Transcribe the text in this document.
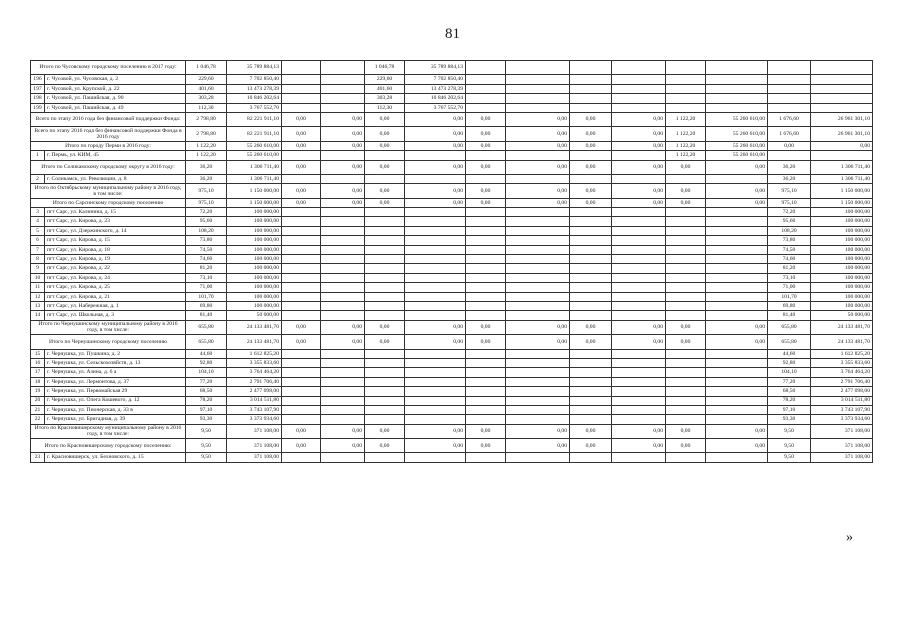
81
Итого по Чусовскому городскому поселению в 2017 году:		1 046,78	35 789 884,13			1 046,78	35 789 884,13								
196	г. Чусовой, ул. Чусовская, д. 2	229,60	7 702 850,40			229,60	7 702 850,40								
197	г. Чусовой, ул. Крупской, д. 22	401,60	13 473 278,39			401,60	13 473 278,39								
198	г. Чусовой, ул. Пашийская, д. 90	303,28	10 846 202,64			303,28	10 846 202,64								
199	г. Чусовой, ул. Пашийская, д. 49	112,30	3 767 552,70			112,30	3 767 552,70								
Всего по этапу 2016 года без финансовой поддержки Фонда:		2 798,80	82 221 911,10	0,00	0,00	0,00	0,00	0,00	0,00	0,00	0,00	1 122,20	55 260 610,00	1 676,60	26 961 301,10
Всего по этапу 2016 года без финансовой поддержки Фонда в 2016 году		2 798,80	82 221 911,10	0,00	0,00	0,00	0,00	0,00	0,00	0,00	0,00	1 122,20	55 260 610,00	1 676,60	26 961 301,10
Итого по городу Перми в 2016 году:		1 122,20	55 260 610,00	0,00	0,00	0,00	0,00	0,00	0,00	0,00	0,00	1 122,20	55 260 610,00	0,00	0,00
1	г. Пермь, ул. КИМ, 45	1 122,20	55 260 610,00									1 122,20	55 260 610,00		
Итого по Соликамскому городскому округу в 2016 году:		36,20	1 306 711,40	0,00	0,00	0,00	0,00	0,00	0,00	0,00	0,00	0,00	0,00	36,20	1 306 711,40
2	г. Соликамск, ул. Революции, д. 8	36,20	1 306 711,40											36,20	1 306 711,40
Итого по Октябрьскому муниципальному району в 2016 году, в том числе:		975,10	1 150 000,00	0,00	0,00	0,00	0,00	0,00	0,00	0,00	0,00	0,00	0,00	975,10	1 150 000,00
Итого по Сарсинскому городскому поселению		975,10	1 150 000,00	0,00	0,00	0,00	0,00	0,00	0,00	0,00	0,00	0,00	0,00	975,10	1 150 000,00
3	пгт Сарс, ул. Калинина, д. 15	72,20	100 000,00											72,20	100 000,00
4	пгт Сарс, ул. Кирова, д. 23	95,60	100 000,00											95,60	100 000,00
5	пгт Сарс, ул. Дзержинского, д. 14	108,20	100 000,00											108,20	100 000,00
6	пгт Сарс, ул. Кирова, д. 15	73,80	100 000,00											73,80	100 000,00
7	пгт Сарс, ул. Кирова, д. 18	74,50	100 000,00											74,50	100 000,00
8	пгт Сарс, ул. Кирова, д. 19	74,60	100 000,00											74,60	100 000,00
9	пгт Сарс, ул. Кирова, д. 22	81,20	100 000,00											81,20	100 000,00
10	пгт Сарс, ул. Кирова, д. 24	73,10	100 000,00											73,10	100 000,00
11	пгт Сарс, ул. Кирова, д. 25	71,00	100 000,00											71,00	100 000,00
12	пгт Сарс, ул. Кирова, д. 21	101,70	100 000,00											101,70	100 000,00
13	пгт Сарс, ул. Набережная, д. 1	69,80	100 000,00											69,80	100 000,00
14	пгт Сарс, ул. Школьная, д. 3	81,40	50 000,00											81,40	50 000,00
Итого по Чернушинскому муниципальному району в 2016 году, в том числе:		655,80	24 133 481,70	0,00	0,00	0,00	0,00	0,00	0,00	0,00	0,00	0,00	0,00	655,80	24 133 481,70
Итого по Чернушинскому городскому поселению		655,80	24 133 481,70	0,00	0,00	0,00	0,00	0,00	0,00	0,00	0,00	0,00	0,00	655,80	24 133 481,70
15	г. Чернушка, ул. Пушкина, д. 2	44,60	1 612 825,20											44,60	1 612 825,20
16	г. Чернушка, ул. Сельскохозяйств, д. 13	92,80	3 355 833,60											92,80	3 355 833,60
17	г. Чернушка, ул. Азина, д. 6 а	104,10	3 764 464,20											104,10	3 764 464,20
18	г. Чернушка, ул. Лермонтова, д. 37	77,20	2 791 706,40											77,20	2 791 706,40
19	г. Чернушка, ул. Первомайская 29	68,50	2 477 098,00											68,50	2 477 098,00
20	г. Чернушка, ул. Олега Кошевого, д. 12	78,20	3 014 511,80											78,20	3 014 511,80
21	г. Чернушка, ул. Пионерская, д. 33 в	97,10	3 743 107,90											97,10	3 743 107,90
22	г. Чернушка, ул. Бригадная, д. 39	93,30	3 373 934,60											93,30	3 373 934,60
Итого по Красновишерскому муниципальному району в 2016 году, в том числе:		9,50	371 108,00	0,00	0,00	0,00	0,00	0,00	0,00	0,00	0,00	0,00	0,00	9,50	371 108,00
Итого по Красновишерскому городскому поселению:		9,50	371 108,00	0,00	0,00	0,00	0,00	0,00	0,00	0,00	0,00	0,00	0,00	9,50	371 108,00
23	г. Красновишерск, ул. Бехновского, д. 15	9,50	371 108,00											9,50	371 108,00
»
